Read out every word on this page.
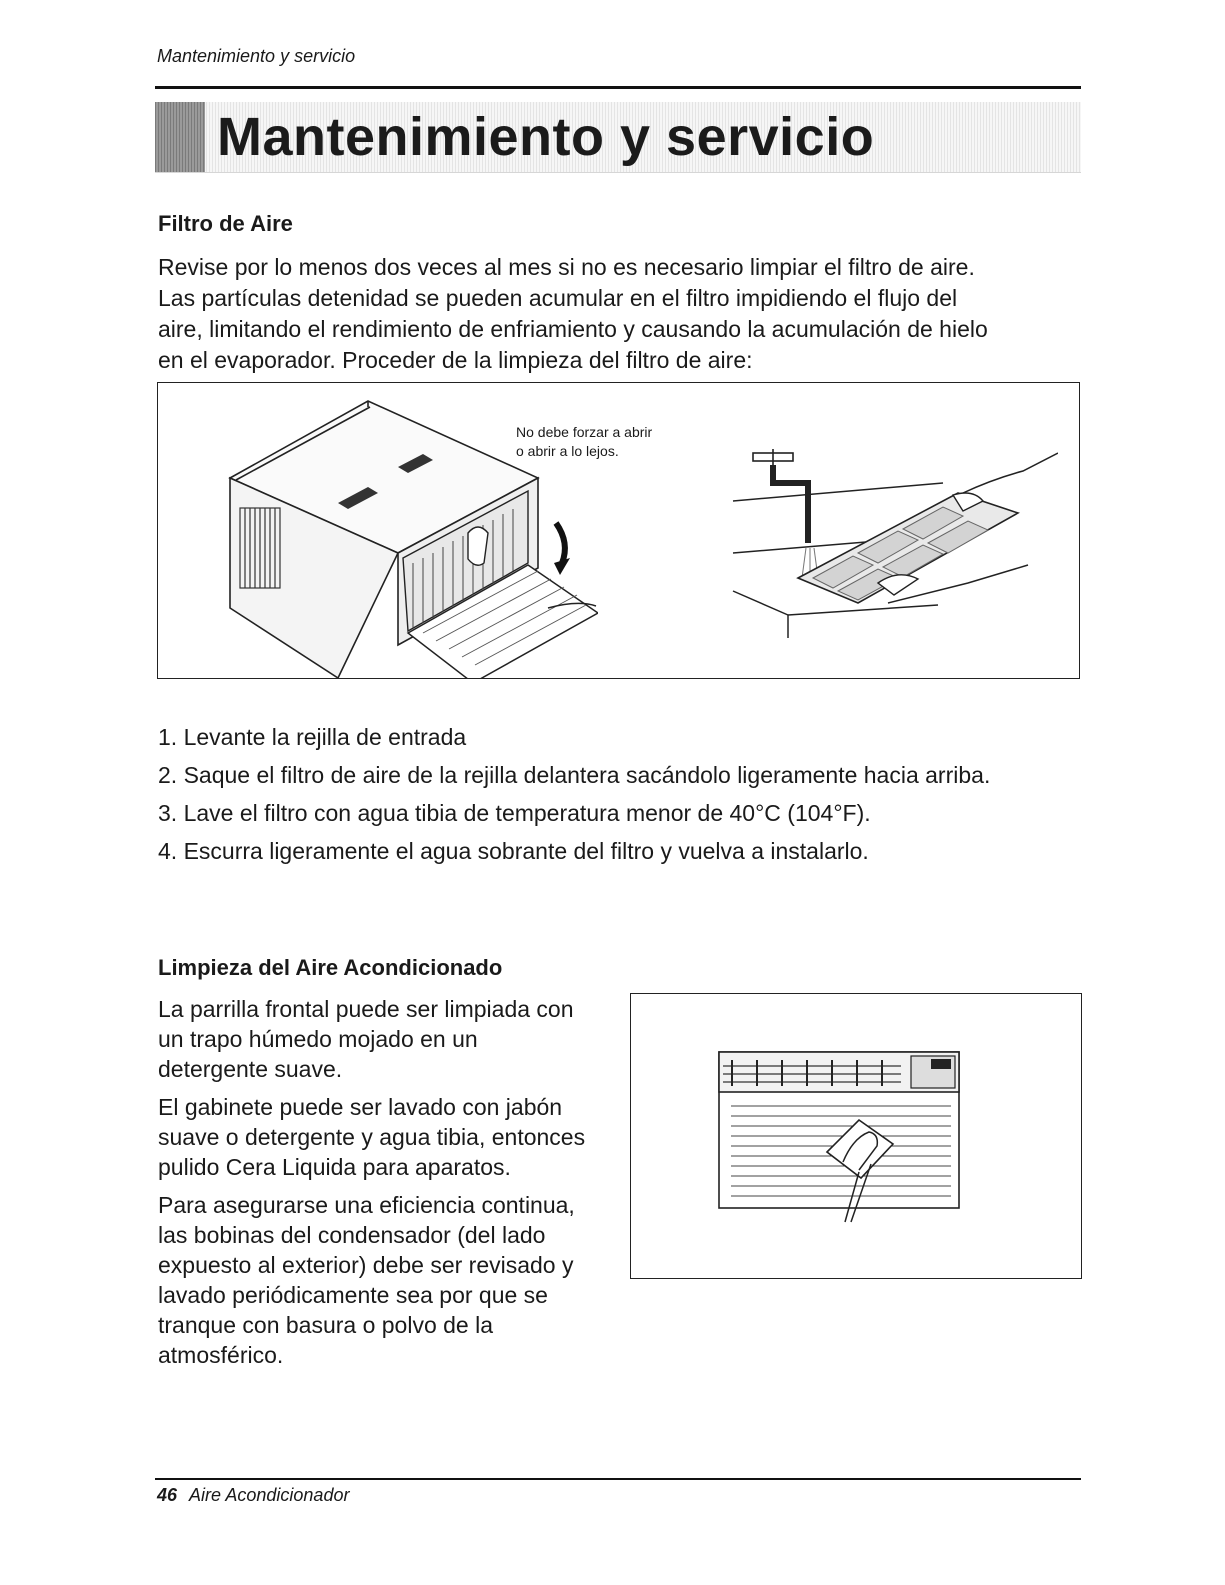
Mantenimiento y servicio
Mantenimiento y servicio
Filtro de Aire
Revise por lo menos dos veces al mes si no es necesario limpiar el filtro de aire.
Las partículas detenidad se pueden acumular en el filtro impidiendo el flujo del
aire, limitando el rendimiento de enfriamiento y causando la acumulación de hielo
en el evaporador. Proceder de la limpieza del filtro de aire:
No debe forzar a abrir
o abrir a lo lejos.
1. Levante la rejilla de entrada
2. Saque el filtro de aire de la rejilla delantera sacándolo ligeramente hacia arriba.
3. Lave el filtro con agua tibia de temperatura menor de 40°C (104°F).
4. Escurra ligeramente el agua sobrante del filtro y vuelva a instalarlo.
Limpieza del Aire Acondicionado
La parrilla frontal puede ser limpiada con
un trapo húmedo mojado en un
detergente suave.
El gabinete puede ser lavado con jabón
suave o detergente y agua tibia, entonces
pulido Cera Liquida para aparatos.
Para asegurarse una eficiencia continua,
las bobinas del condensador (del lado
expuesto al exterior) debe ser revisado y
lavado periódicamente sea por que se
tranque con basura o polvo de la
atmosférico.
46 Aire Acondicionador
